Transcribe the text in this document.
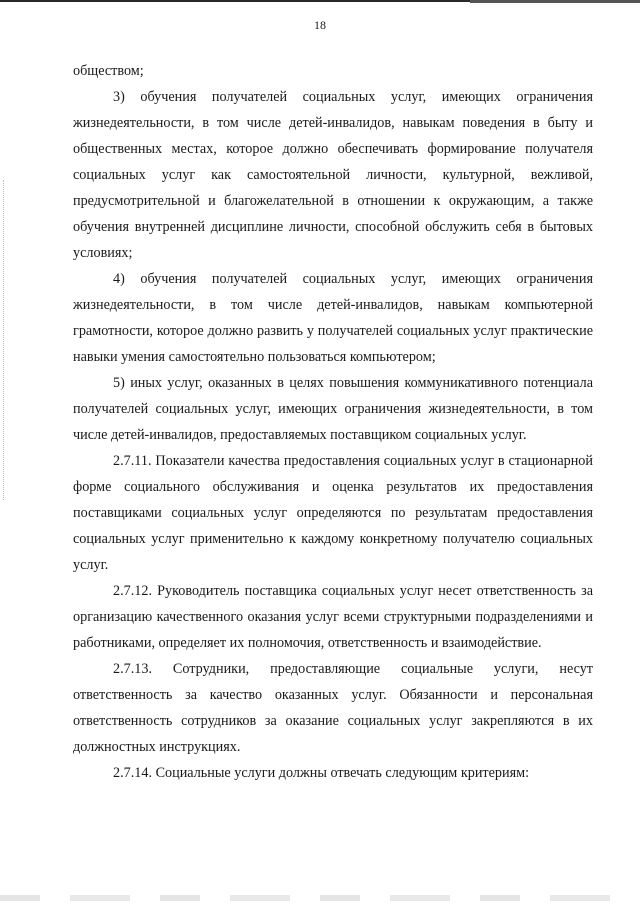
18

обществом;

3) обучения получателей социальных услуг, имеющих ограничения жизнедеятельности, в том числе детей-инвалидов, навыкам поведения в быту и общественных местах, которое должно обеспечивать формирование получателя социальных услуг как самостоятельной личности, культурной, вежливой, предусмотрительной и благожелательной в отношении к окружающим, а также обучения внутренней дисциплине личности, способной обслужить себя в бытовых условиях;

4) обучения получателей социальных услуг, имеющих ограничения жизнедеятельности, в том числе детей-инвалидов, навыкам компьютерной грамотности, которое должно развить у получателей социальных услуг практические навыки умения самостоятельно пользоваться компьютером;

5) иных услуг, оказанных в целях повышения коммуникативного потенциала получателей социальных услуг, имеющих ограничения жизнедеятельности, в том числе детей-инвалидов, предоставляемых поставщиком социальных услуг.

2.7.11. Показатели качества предоставления социальных услуг в стационарной форме социального обслуживания и оценка результатов их предоставления поставщиками социальных услуг определяются по результатам предоставления социальных услуг применительно к каждому конкретному получателю социальных услуг.

2.7.12. Руководитель поставщика социальных услуг несет ответственность за организацию качественного оказания услуг всеми структурными подразделениями и работниками, определяет их полномочия, ответственность и взаимодействие.

2.7.13. Сотрудники, предоставляющие социальные услуги, несут ответственность за качество оказанных услуг. Обязанности и персональная ответственность сотрудников за оказание социальных услуг закрепляются в их должностных инструкциях.

2.7.14. Социальные услуги должны отвечать следующим критериям:
